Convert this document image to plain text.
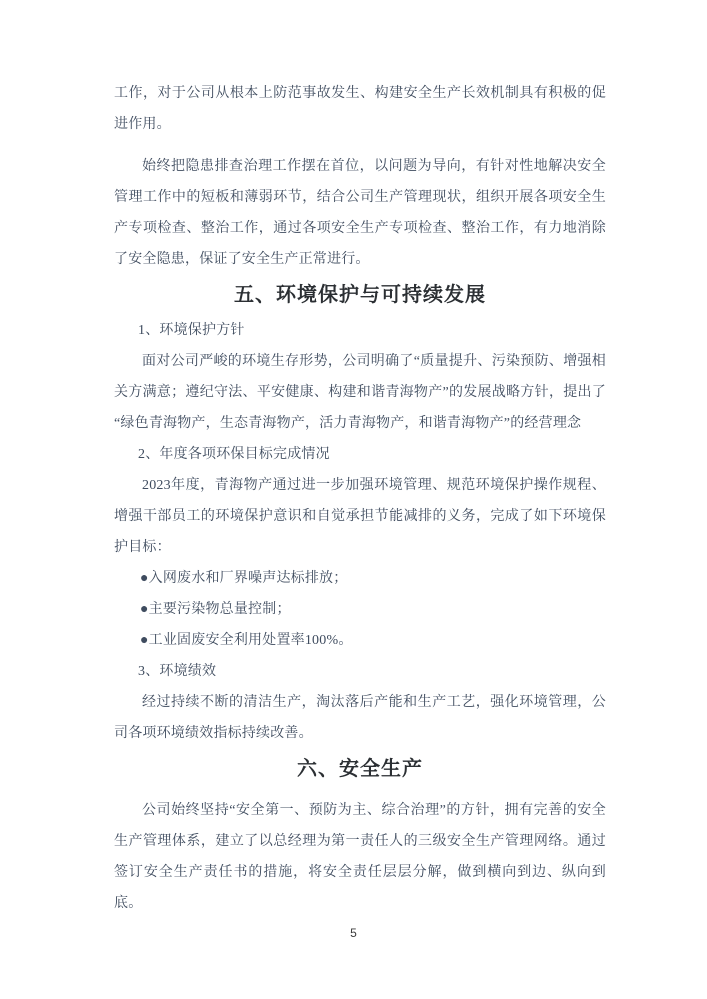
工作，对于公司从根本上防范事故发生、构建安全生产长效机制具有积极的促进作用。

始终把隐患排查治理工作摆在首位，以问题为导向，有针对性地解决安全管理工作中的短板和薄弱环节，结合公司生产管理现状，组织开展各项安全生产专项检查、整治工作，通过各项安全生产专项检查、整治工作，有力地消除了安全隐患，保证了安全生产正常进行。

五、环境保护与可持续发展

1、环境保护方针

面对公司严峻的环境生存形势，公司明确了“质量提升、污染预防、增强相关方满意；遵纪守法、平安健康、构建和谐青海物产”的发展战略方针，提出了“绿色青海物产，生态青海物产，活力青海物产，和谐青海物产”的经营理念

2、年度各项环保目标完成情况

2023年度，青海物产通过进一步加强环境管理、规范环境保护操作规程、增强干部员工的环境保护意识和自觉承担节能减排的义务，完成了如下环境保护目标：

●入网废水和厂界噪声达标排放；

●主要污染物总量控制；

●工业固废安全利用处置率100%。

3、环境绩效

经过持续不断的清洁生产，淘汰落后产能和生产工艺，强化环境管理，公司各项环境绩效指标持续改善。

六、安全生产

公司始终坚持“安全第一、预防为主、综合治理”的方针，拥有完善的安全生产管理体系，建立了以总经理为第一责任人的三级安全生产管理网络。通过签订安全生产责任书的措施，将安全责任层层分解，做到横向到边、纵向到底。

5
